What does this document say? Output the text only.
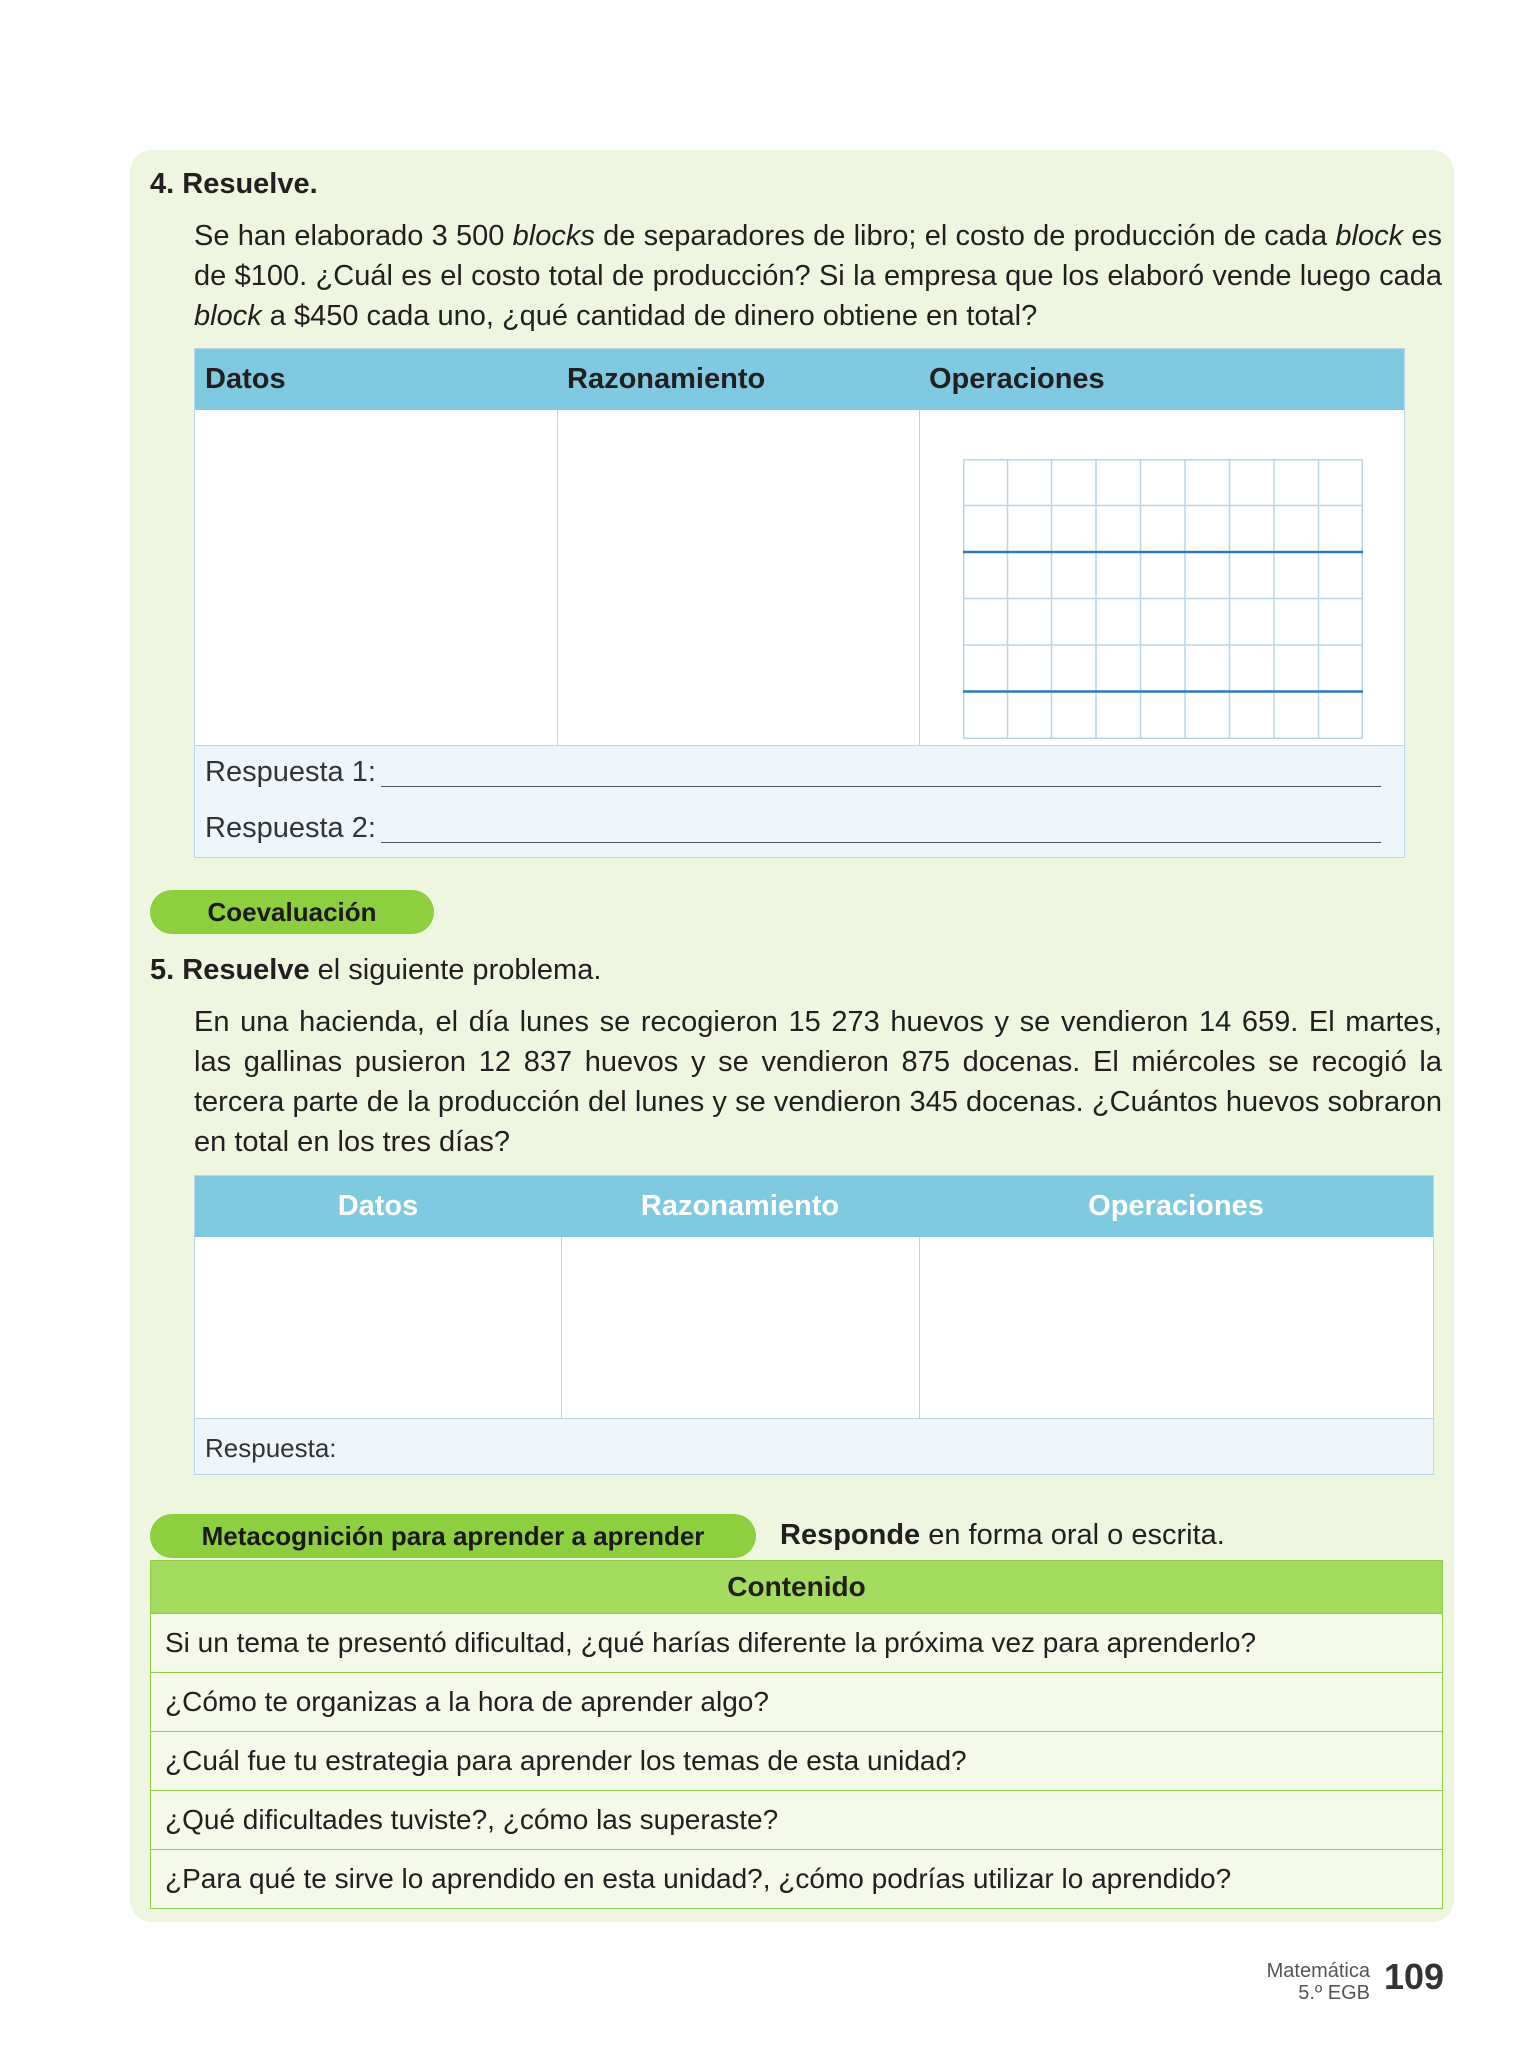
4. Resuelve.
Se han elaborado 3 500 blocks de separadores de libro; el costo de producción de cada block es de $100. ¿Cuál es el costo total de producción? Si la empresa que los elaboró vende luego cada block a $450 cada uno, ¿qué cantidad de dinero obtiene en total?
Datos	Razonamiento	Operaciones
Respuesta 1:
Respuesta 2:
Coevaluación
5. Resuelve el siguiente problema.
En una hacienda, el día lunes se recogieron 15 273 huevos y se vendieron 14 659. El martes, las gallinas pusieron 12 837 huevos y se vendieron 875 docenas. El miércoles se recogió la tercera parte de la producción del lunes y se vendieron 345 docenas. ¿Cuántos huevos sobraron en total en los tres días?
Datos	Razonamiento	Operaciones
Respuesta:
Metacognición para aprender a aprender	Responde en forma oral o escrita.
Contenido
Si un tema te presentó dificultad, ¿qué harías diferente la próxima vez para aprenderlo?
¿Cómo te organizas a la hora de aprender algo?
¿Cuál fue tu estrategia para aprender los temas de esta unidad?
¿Qué dificultades tuviste?, ¿cómo las superaste?
¿Para qué te sirve lo aprendido en esta unidad?, ¿cómo podrías utilizar lo aprendido?
Matemática
5.º EGB 109
